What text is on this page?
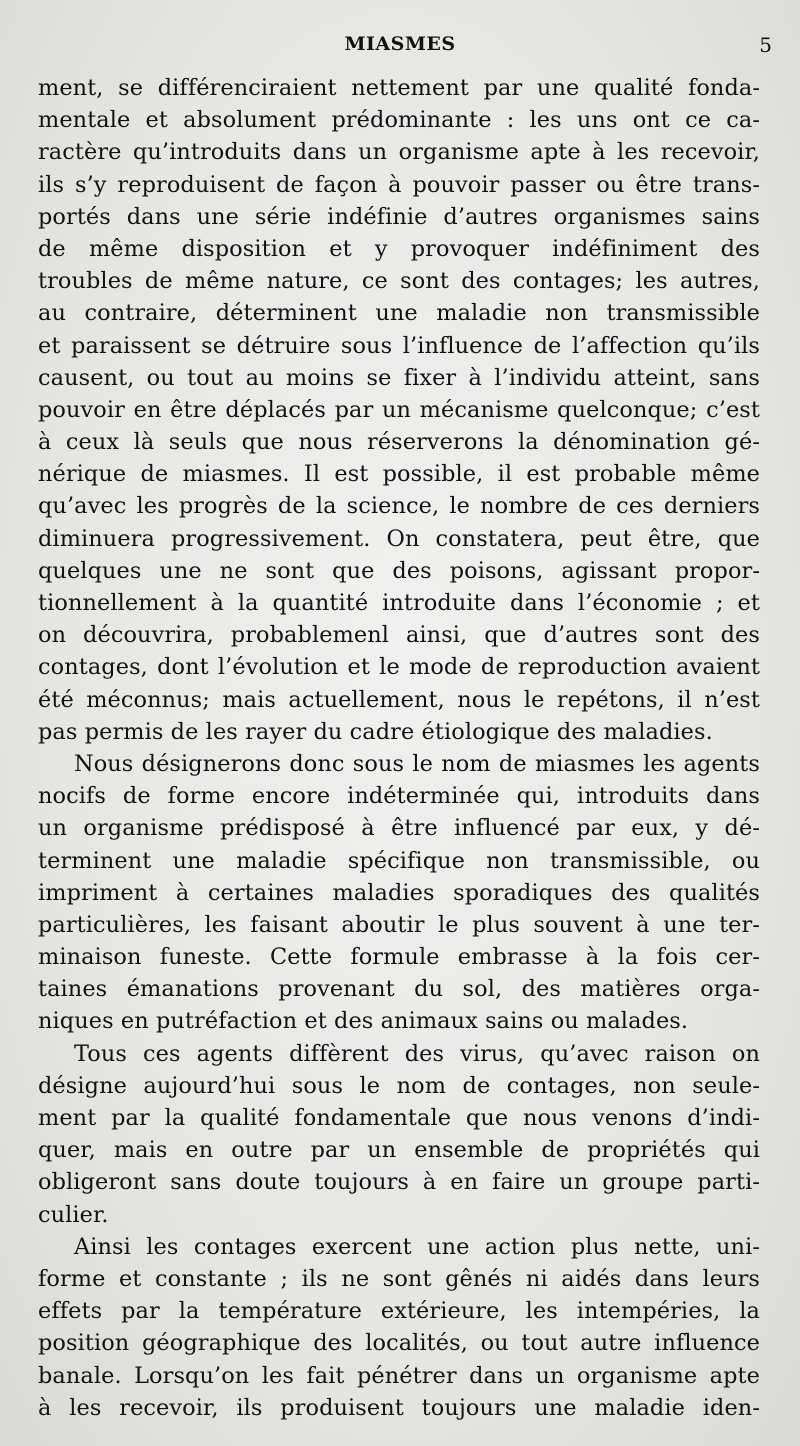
MIASMES	5
ment, se différenciraient nettement par une qualité fonda-
mentale et absolument prédominante : les uns ont ce ca-
ractère qu’introduits dans un organisme apte à les recevoir,
ils s’y reproduisent de façon à pouvoir passer ou être trans-
portés dans une série indéfinie d’autres organismes sains
de même disposition et y provoquer indéfiniment des
troubles de même nature, ce sont des contages; les autres,
au contraire, déterminent une maladie non transmissible
et paraissent se détruire sous l’influence de l’affection qu’ils
causent, ou tout au moins se fixer à l’individu atteint, sans
pouvoir en être déplacés par un mécanisme quelconque; c’est
à ceux là seuls que nous réserverons la dénomination gé-
nérique de miasmes. Il est possible, il est probable même
qu’avec les progrès de la science, le nombre de ces derniers
diminuera progressivement. On constatera, peut être, que
quelques une ne sont que des poisons, agissant propor-
tionnellement à la quantité introduite dans l’économie ; et
on découvrira, probablemenl ainsi, que d’autres sont des
contages, dont l’évolution et le mode de reproduction avaient
été méconnus; mais actuellement, nous le repétons, il n’est
pas permis de les rayer du cadre étiologique des maladies.
Nous désignerons donc sous le nom de miasmes les agents
nocifs de forme encore indéterminée qui, introduits dans
un organisme prédisposé à être influencé par eux, y dé-
terminent une maladie spécifique non transmissible, ou
impriment à certaines maladies sporadiques des qualités
particulières, les faisant aboutir le plus souvent à une ter-
minaison funeste. Cette formule embrasse à la fois cer-
taines émanations provenant du sol, des matières orga-
niques en putréfaction et des animaux sains ou malades.
Tous ces agents diffèrent des virus, qu’avec raison on
désigne aujourd’hui sous le nom de contages, non seule-
ment par la qualité fondamentale que nous venons d’indi-
quer, mais en outre par un ensemble de propriétés qui
obligeront sans doute toujours à en faire un groupe parti-
culier.
Ainsi les contages exercent une action plus nette, uni-
forme et constante ; ils ne sont gênés ni aidés dans leurs
effets par la température extérieure, les intempéries, la
position géographique des localités, ou tout autre influence
banale. Lorsqu’on les fait pénétrer dans un organisme apte
à les recevoir, ils produisent toujours une maladie iden-
